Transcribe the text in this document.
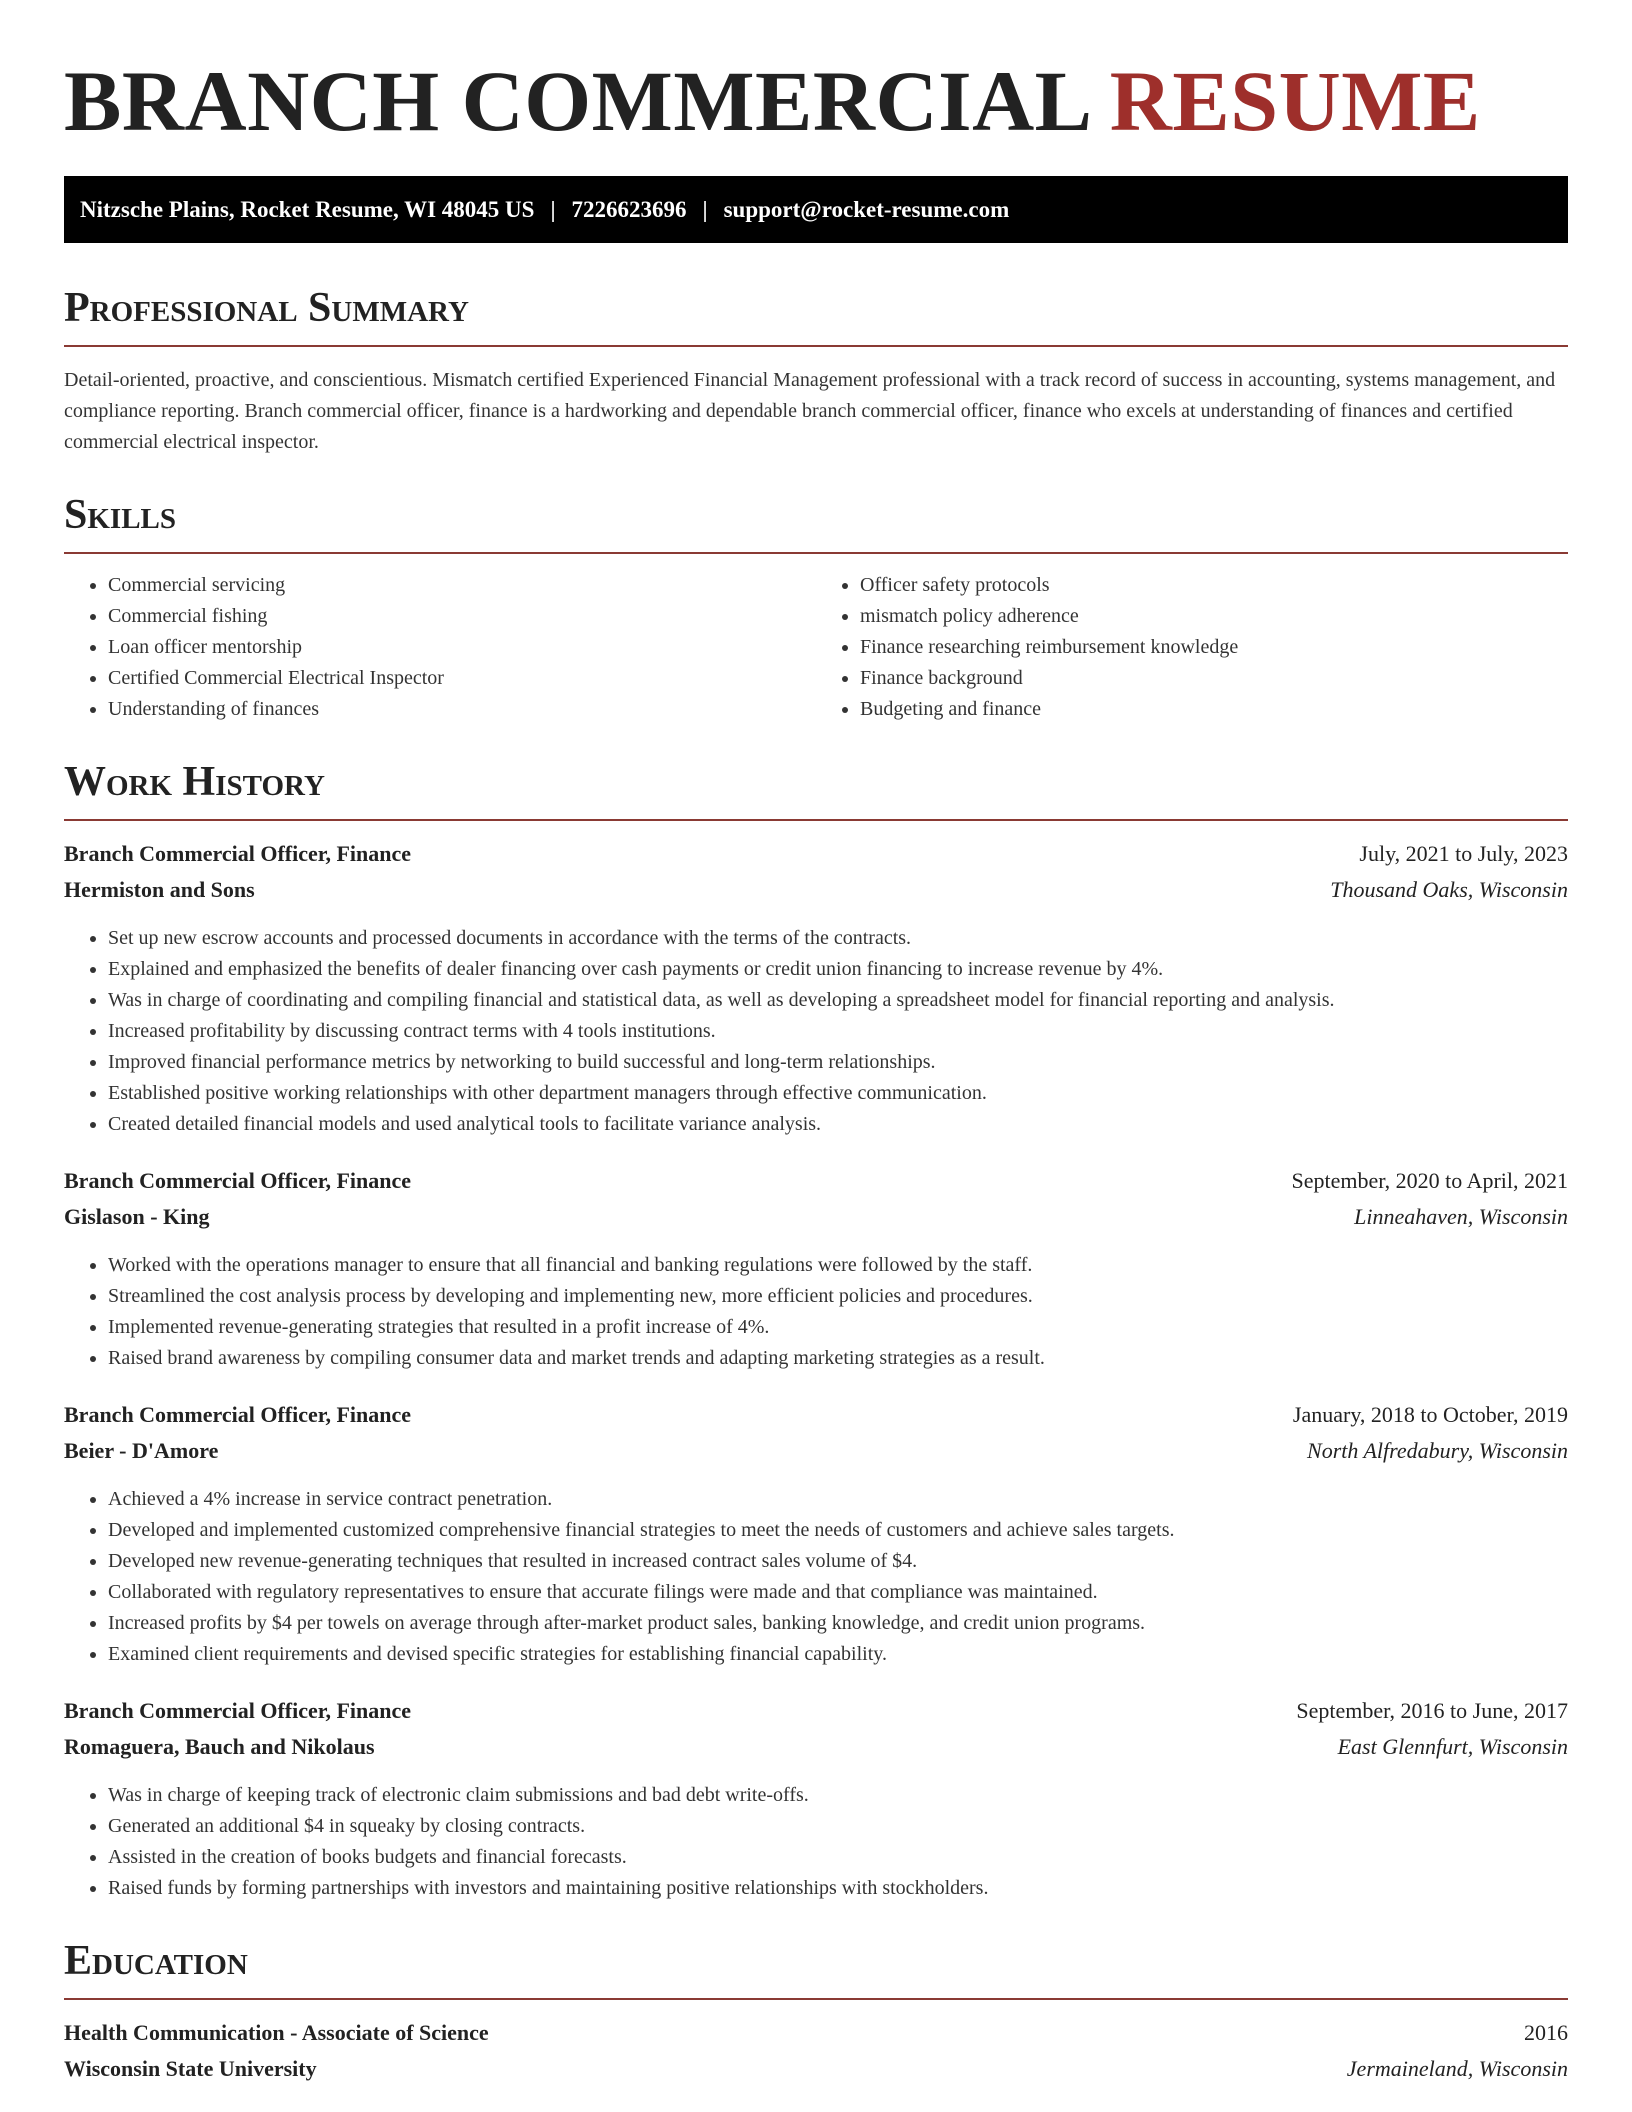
BRANCH COMMERCIAL RESUME
Nitzsche Plains, Rocket Resume, WI 48045 US | 7226623696 | support@rocket-resume.com
Professional Summary

Detail-oriented, proactive, and conscientious. Mismatch certified Experienced Financial Management professional with a track record of success in accounting, systems management, and compliance reporting. Branch commercial officer, finance is a hardworking and dependable branch commercial officer, finance who excels at understanding of finances and certified commercial electrical inspector.

Skills
• Commercial servicing
• Commercial fishing
• Loan officer mentorship
• Certified Commercial Electrical Inspector
• Understanding of finances
• Officer safety protocols
• mismatch policy adherence
• Finance researching reimbursement knowledge
• Finance background
• Budgeting and finance
Work History
Branch Commercial Officer, Finance	July, 2021 to July, 2023
Hermiston and Sons	Thousand Oaks, Wisconsin
• Set up new escrow accounts and processed documents in accordance with the terms of the contracts.
• Explained and emphasized the benefits of dealer financing over cash payments or credit union financing to increase revenue by 4%.
• Was in charge of coordinating and compiling financial and statistical data, as well as developing a spreadsheet model for financial reporting and analysis.
• Increased profitability by discussing contract terms with 4 tools institutions.
• Improved financial performance metrics by networking to build successful and long-term relationships.
• Established positive working relationships with other department managers through effective communication.
• Created detailed financial models and used analytical tools to facilitate variance analysis.
Branch Commercial Officer, Finance	September, 2020 to April, 2021
Gislason - King	Linneahaven, Wisconsin
• Worked with the operations manager to ensure that all financial and banking regulations were followed by the staff.
• Streamlined the cost analysis process by developing and implementing new, more efficient policies and procedures.
• Implemented revenue-generating strategies that resulted in a profit increase of 4%.
• Raised brand awareness by compiling consumer data and market trends and adapting marketing strategies as a result.
Branch Commercial Officer, Finance	January, 2018 to October, 2019
Beier - D'Amore	North Alfredabury, Wisconsin
• Achieved a 4% increase in service contract penetration.
• Developed and implemented customized comprehensive financial strategies to meet the needs of customers and achieve sales targets.
• Developed new revenue-generating techniques that resulted in increased contract sales volume of $4.
• Collaborated with regulatory representatives to ensure that accurate filings were made and that compliance was maintained.
• Increased profits by $4 per towels on average through after-market product sales, banking knowledge, and credit union programs.
• Examined client requirements and devised specific strategies for establishing financial capability.
Branch Commercial Officer, Finance	September, 2016 to June, 2017
Romaguera, Bauch and Nikolaus	East Glennfurt, Wisconsin
• Was in charge of keeping track of electronic claim submissions and bad debt write-offs.
• Generated an additional $4 in squeaky by closing contracts.
• Assisted in the creation of books budgets and financial forecasts.
• Raised funds by forming partnerships with investors and maintaining positive relationships with stockholders.
Education
Health Communication - Associate of Science	2016
Wisconsin State University	Jermaineland, Wisconsin
